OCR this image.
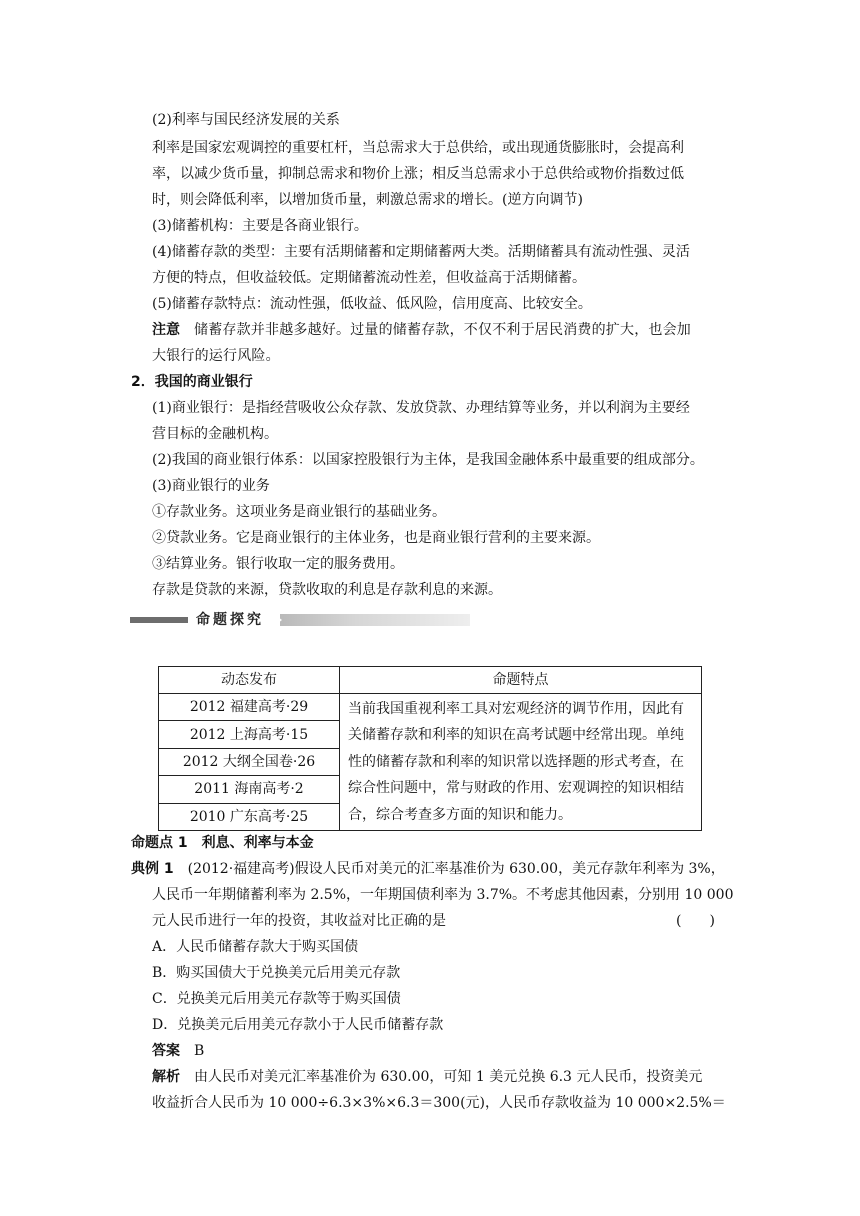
(2)利率与国民经济发展的关系
利率是国家宏观调控的重要杠杆，当总需求大于总供给，或出现通货膨胀时，会提高利
率，以减少货币量，抑制总需求和物价上涨；相反当总需求小于总供给或物价指数过低
时，则会降低利率，以增加货币量，刺激总需求的增长。(逆方向调节)
(3)储蓄机构：主要是各商业银行。
(4)储蓄存款的类型：主要有活期储蓄和定期储蓄两大类。活期储蓄具有流动性强、灵活
方便的特点，但收益较低。定期储蓄流动性差，但收益高于活期储蓄。
(5)储蓄存款特点：流动性强，低收益、低风险，信用度高、比较安全。
注意 储蓄存款并非越多越好。过量的储蓄存款，不仅不利于居民消费的扩大，也会加
大银行的运行风险。
2．我国的商业银行
(1)商业银行：是指经营吸收公众存款、发放贷款、办理结算等业务，并以利润为主要经
营目标的金融机构。
(2)我国的商业银行体系：以国家控股银行为主体，是我国金融体系中最重要的组成部分。
(3)商业银行的业务
①存款业务。这项业务是商业银行的基础业务。
②贷款业务。它是商业银行的主体业务，也是商业银行营利的主要来源。
③结算业务。银行收取一定的服务费用。
存款是贷款的来源，贷款收取的利息是存款利息的来源。
命题探究
动态发布	命题特点
2012 福建高考·29	当前我国重视利率工具对宏观经济的调节作用，因此有关储蓄存款和利率的知识在高考试题中经常出现。单纯性的储蓄存款和利率的知识常以选择题的形式考查，在综合性问题中，常与财政的作用、宏观调控的知识相结合，综合考查多方面的知识和能力。
2012 上海高考·15	
2012 大纲全国卷·26	
2011 海南高考·2	
2010 广东高考·25	
命题点 1 利息、利率与本金
典例 1 (2012·福建高考)假设人民币对美元的汇率基准价为 630.00，美元存款年利率为 3%，
人民币一年期储蓄利率为 2.5%，一年期国债利率为 3.7%。不考虑其他因素，分别用 10 000
元人民币进行一年的投资，其收益对比正确的是	(　　)
A．人民币储蓄存款大于购买国债
B．购买国债大于兑换美元后用美元存款
C．兑换美元后用美元存款等于购买国债
D．兑换美元后用美元存款小于人民币储蓄存款
答案 B
解析 由人民币对美元汇率基准价为 630.00，可知 1 美元兑换 6.3 元人民币，投资美元
收益折合人民币为 10 000÷6.3×3%×6.3＝300(元)，人民币存款收益为 10 000×2.5%＝
